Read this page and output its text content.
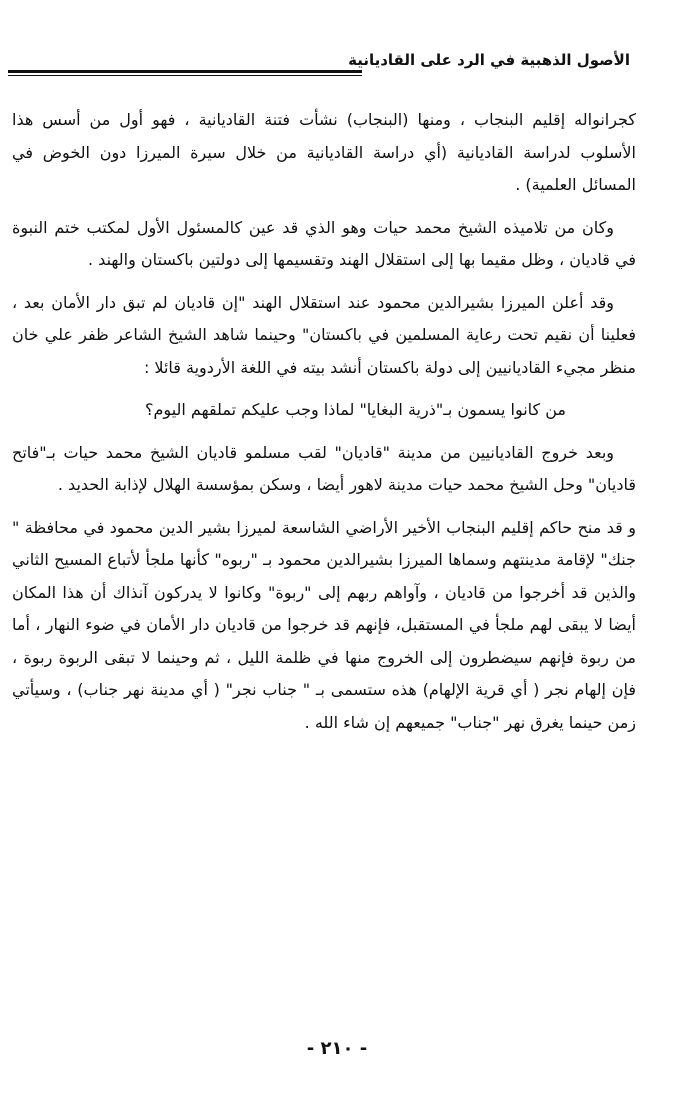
الأصول الذهبية في الرد على القاديانية

كجرانواله إقليم البنجاب ، ومنها (البنجاب) نشأت فتنة القاديانية ، فهو أول من أسس هذا الأسلوب لدراسة القاديانية (أي دراسة القاديانية من خلال سيرة الميرزا دون الخوض في المسائل العلمية) .

وكان من تلاميذه الشيخ محمد حيات وهو الذي قد عين كالمسئول الأول لمكتب ختم النبوة في قاديان ، وظل مقيما بها إلى استقلال الهند وتقسيمها إلى دولتين باكستان والهند .

وقد أعلن الميرزا بشيرالدين محمود عند استقلال الهند "إن قاديان لم تبق دار الأمان بعد ، فعلينا أن نقيم تحت رعاية المسلمين في باكستان" وحينما شاهد الشيخ الشاعر ظفر علي خان منظر مجيء القاديانيين إلى دولة باكستان أنشد بيته في اللغة الأردوية قائلا :

من كانوا يسمون بـ"ذرية البغايا" لماذا وجب عليكم تملقهم اليوم؟

وبعد خروج القاديانيين من مدينة "قاديان" لقب مسلمو قاديان الشيخ محمد حيات بـ"فاتح قاديان" وحل الشيخ محمد حيات مدينة لاهور أيضا ، وسكن بمؤسسة الهلال لإذابة الحديد .

و قد منح حاكم إقليم البنجاب الأخير الأراضي الشاسعة لميرزا بشير الدين محمود في محافظة " جنك" لإقامة مدينتهم وسماها الميرزا بشيرالدين محمود بـ "ربوه" كأنها ملجأ لأتباع المسيح الثاني والذين قد أخرجوا من قاديان ، وآواهم ربهم إلى "ربوة" وكانوا لا يدركون آنذاك أن هذا المكان أيضا لا يبقى لهم ملجأ في المستقبل، فإنهم قد خرجوا من قاديان دار الأمان في ضوء النهار ، أما من ربوة فإنهم سيضطرون إلى الخروج منها في ظلمة الليل ، ثم وحينما لا تبقى الربوة ربوة ، فإن إلهام نجر ( أي قرية الإلهام) هذه ستسمى بـ " جناب نجر" ( أي مدينة نهر جناب) ، وسيأتي زمن حينما يغرق نهر "جناب" جميعهم إن شاء الله .

- ٢١٠ -
